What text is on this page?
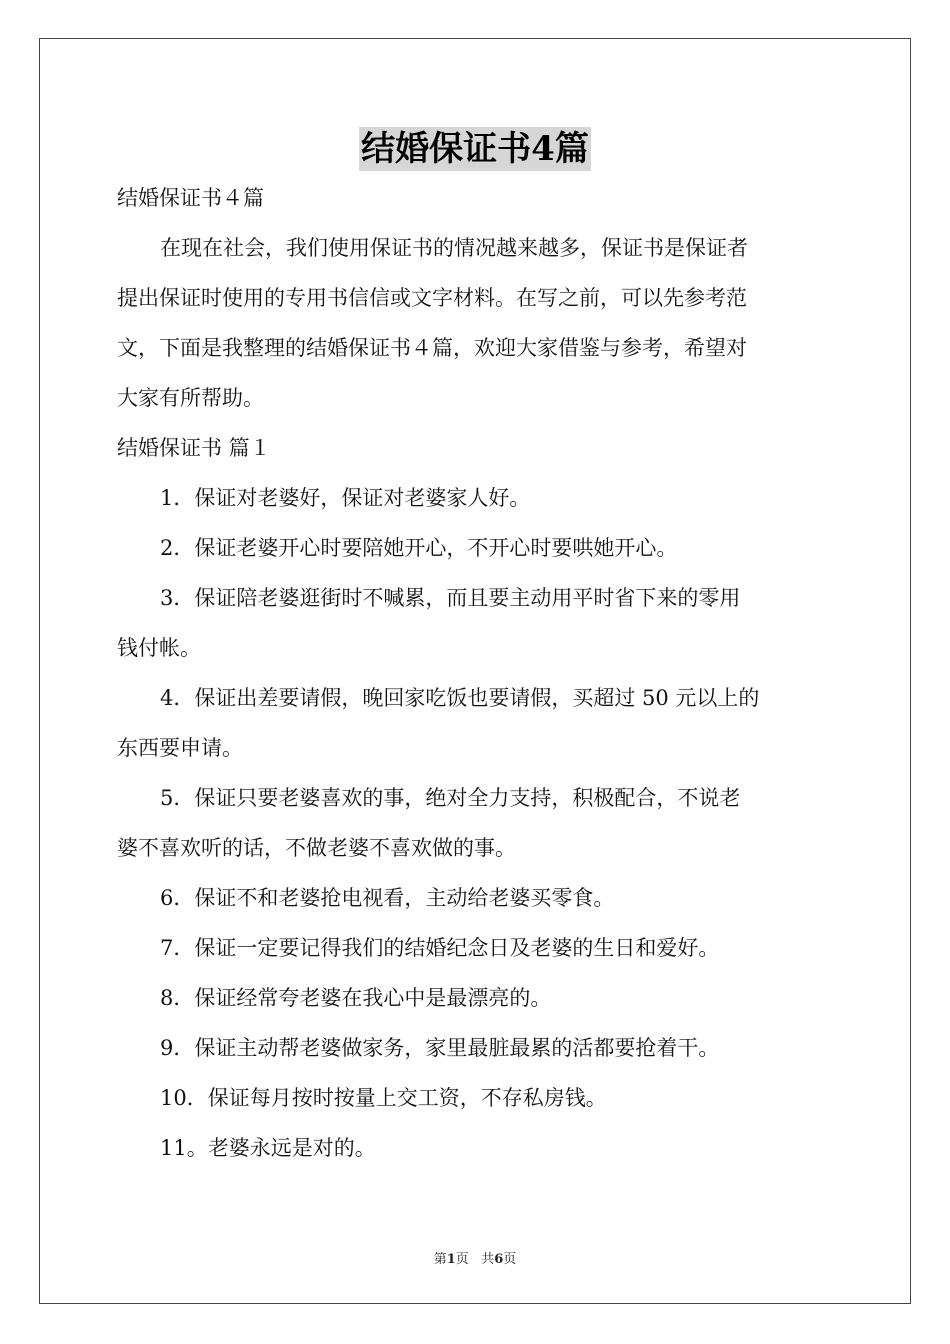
结婚保证书4篇
结婚保证书４篇
在现在社会，我们使用保证书的情况越来越多，保证书是保证者
提出保证时使用的专用书信信或文字材料。在写之前，可以先参考范
文，下面是我整理的结婚保证书４篇，欢迎大家借鉴与参考，希望对
大家有所帮助。
结婚保证书 篇１
1．保证对老婆好，保证对老婆家人好。
2．保证老婆开心时要陪她开心，不开心时要哄她开心。
3．保证陪老婆逛街时不喊累，而且要主动用平时省下来的零用
钱付帐。
4．保证出差要请假，晚回家吃饭也要请假，买超过 50 元以上的
东西要申请。
5．保证只要老婆喜欢的事，绝对全力支持，积极配合，不说老
婆不喜欢听的话，不做老婆不喜欢做的事。
6．保证不和老婆抢电视看，主动给老婆买零食。
7．保证一定要记得我们的结婚纪念日及老婆的生日和爱好。
8．保证经常夸老婆在我心中是最漂亮的。
9．保证主动帮老婆做家务，家里最脏最累的活都要抢着干。
10．保证每月按时按量上交工资，不存私房钱。
11。老婆永远是对的。
第1页 共6页
